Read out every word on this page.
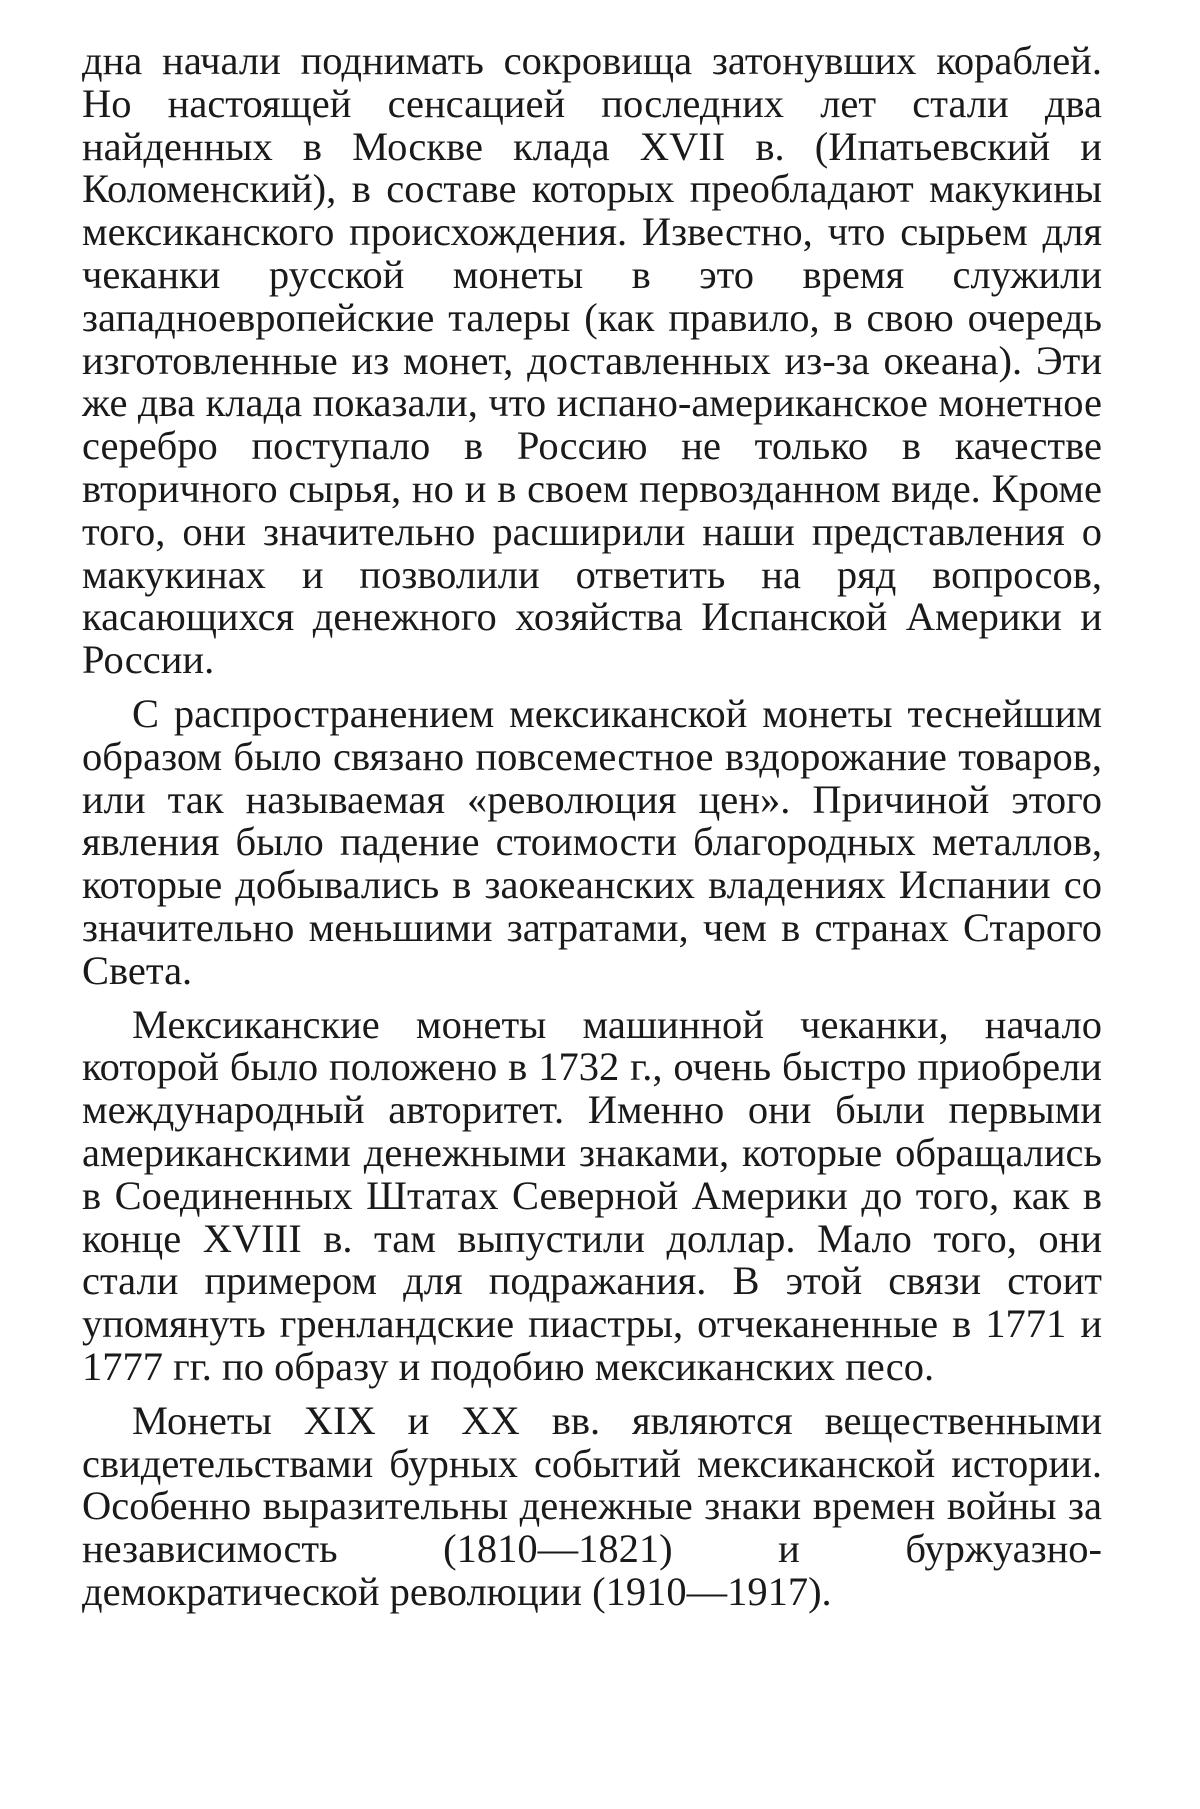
дна начали поднимать сокровища затонувших кораблей. Но настоящей сенсацией последних лет стали два найденных в Москве клада XVII в. (Ипатьевский и Коломенский), в составе которых преобладают макукины мексиканского происхождения. Известно, что сырьем для чеканки русской монеты в это время служили западноевропейские талеры (как правило, в свою очередь изготовленные из монет, доставленных из-за океана). Эти же два клада показали, что испано-американское монетное серебро поступало в Россию не только в качестве вторичного сырья, но и в своем первозданном виде. Кроме того, они значительно расширили наши представления о макукинах и позволили ответить на ряд вопросов, касающихся денежного хозяйства Испанской Америки и России.

С распространением мексиканской монеты теснейшим образом было связано повсеместное вздорожание товаров, или так называемая «революция цен». Причиной этого явления было падение стоимости благородных металлов, которые добывались в заокеанских владениях Испании со значительно меньшими затратами, чем в странах Старого Света.

Мексиканские монеты машинной чеканки, начало которой было положено в 1732 г., очень быстро приобрели международный авторитет. Именно они были первыми американскими денежными знаками, которые обращались в Соединенных Штатах Северной Америки до того, как в конце XVIII в. там выпустили доллар. Мало того, они стали примером для подражания. В этой связи стоит упомянуть гренландские пиастры, отчеканенные в 1771 и 1777 гг. по образу и подобию мексиканских песо.

Монеты XIX и XX вв. являются вещественными свидетельствами бурных событий мексиканской истории. Особенно выразительны денежные знаки времен войны за независимость (1810—1821) и буржуазно-демократической революции (1910—1917).
